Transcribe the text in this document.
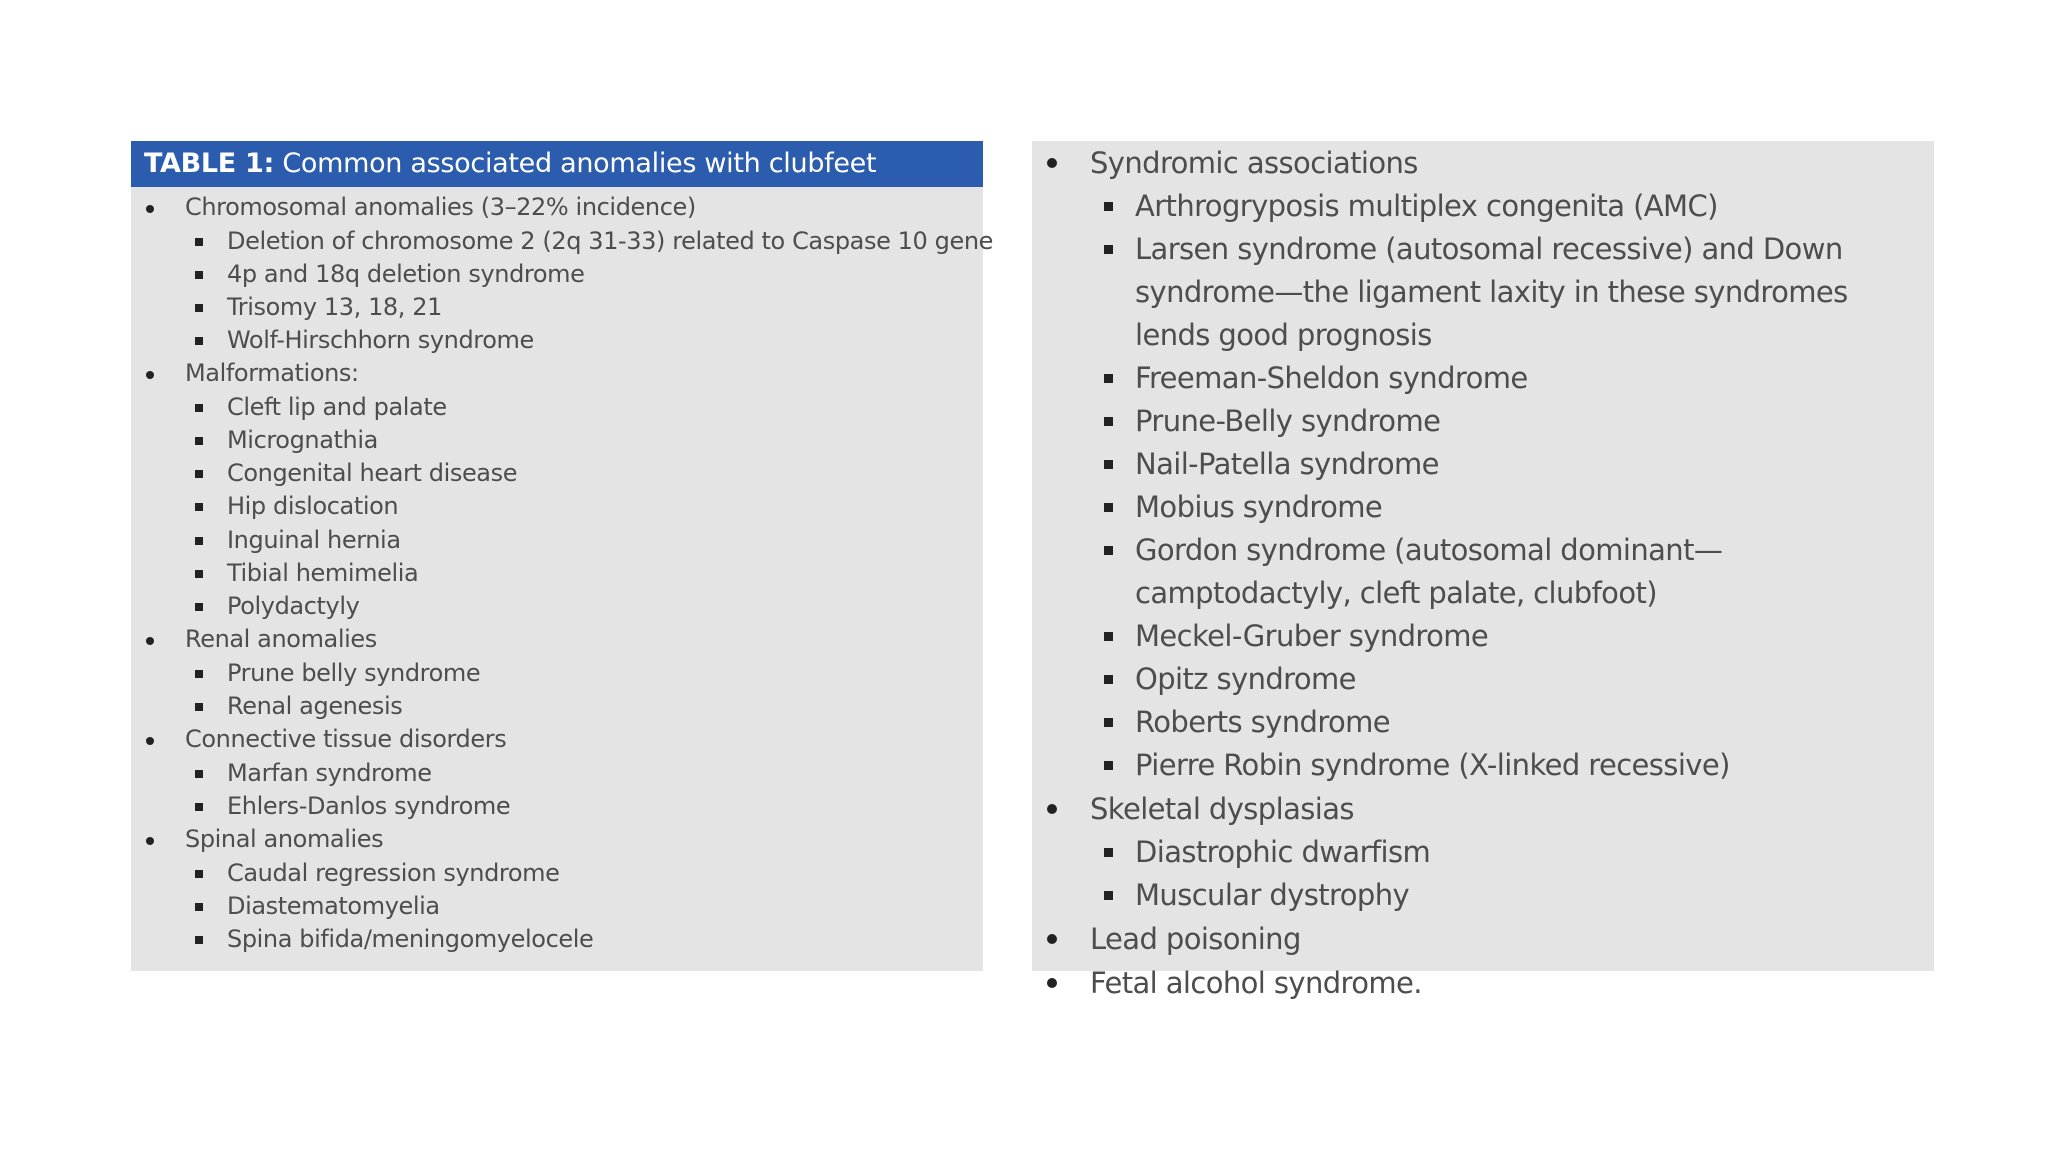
TABLE 1: Common associated anomalies with clubfeet
Chromosomal anomalies (3–22% incidence)
Deletion of chromosome 2 (2q 31-33) related to Caspase 10 gene
4p and 18q deletion syndrome
Trisomy 13, 18, 21
Wolf-Hirschhorn syndrome
Malformations:
Cleft lip and palate
Micrognathia
Congenital heart disease
Hip dislocation
Inguinal hernia
Tibial hemimelia
Polydactyly
Renal anomalies
Prune belly syndrome
Renal agenesis
Connective tissue disorders
Marfan syndrome
Ehlers-Danlos syndrome
Spinal anomalies
Caudal regression syndrome
Diastematomyelia
Spina bifida/meningomyelocele
Syndromic associations
Arthrogryposis multiplex congenita (AMC)
Larsen syndrome (autosomal recessive) and Down syndrome—the ligament laxity in these syndromes lends good prognosis
Freeman-Sheldon syndrome
Prune-Belly syndrome
Nail-Patella syndrome
Mobius syndrome
Gordon syndrome (autosomal dominant—camptodactyly, cleft palate, clubfoot)
Meckel-Gruber syndrome
Opitz syndrome
Roberts syndrome
Pierre Robin syndrome (X-linked recessive)
Skeletal dysplasias
Diastrophic dwarfism
Muscular dystrophy
Lead poisoning
Fetal alcohol syndrome.
